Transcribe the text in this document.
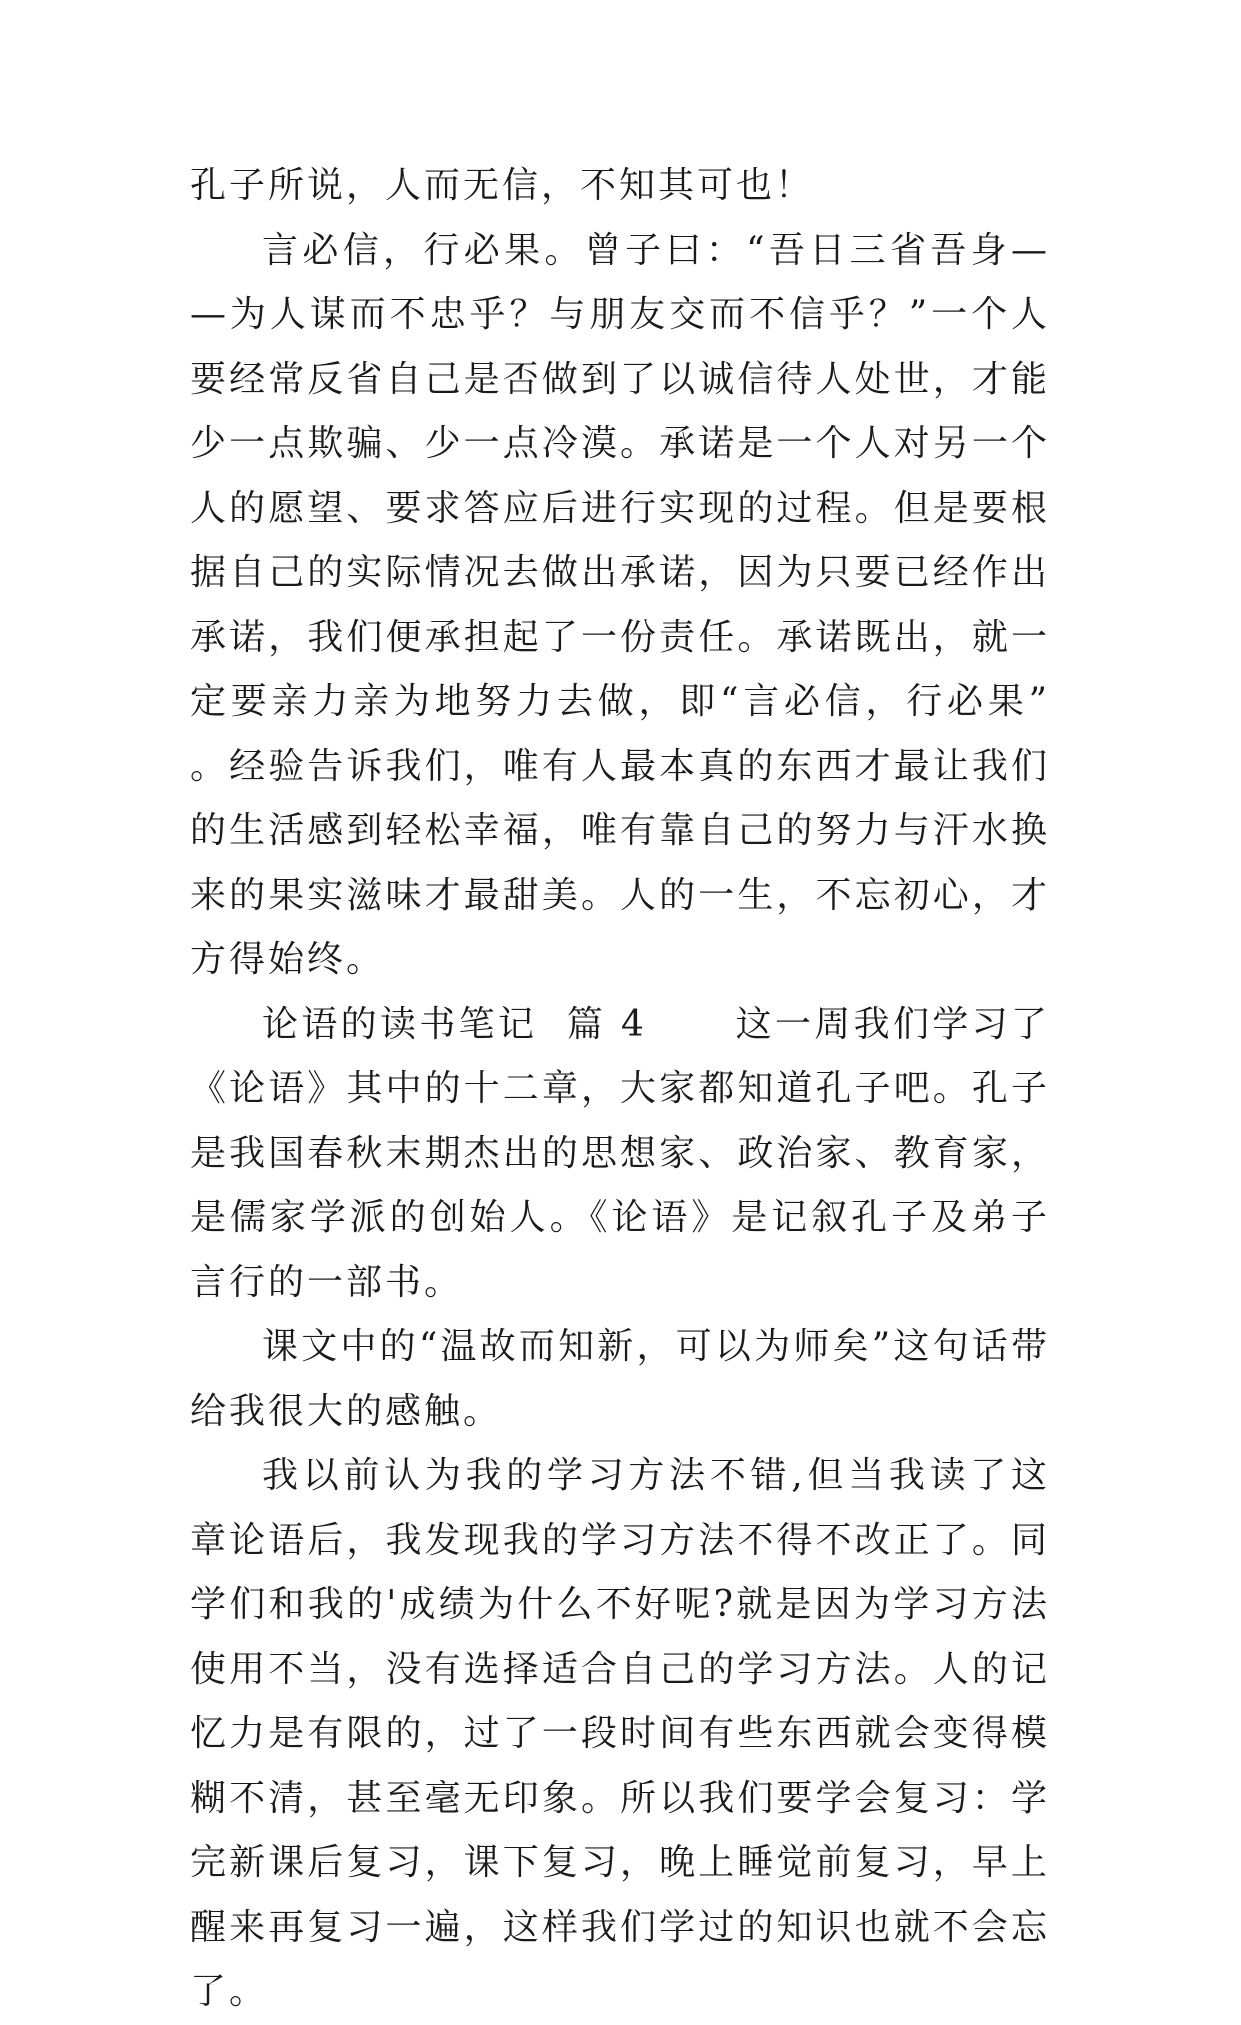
孔子所说，人而无信，不知其可也！

言必信，行必果。曾子曰：“吾日三省吾身——为人谋而不忠乎？与朋友交而不信乎？”一个人要经常反省自己是否做到了以诚信待人处世，才能少一点欺骗、少一点冷漠。承诺是一个人对另一个人的愿望、要求答应后进行实现的过程。但是要根据自己的实际情况去做出承诺，因为只要已经作出承诺，我们便承担起了一份责任。承诺既出，就一定要亲力亲为地努力去做，即“言必信，行必果”。经验告诉我们，唯有人最本真的东西才最让我们的生活感到轻松幸福，唯有靠自己的努力与汗水换来的果实滋味才最甜美。人的一生，不忘初心，才方得始终。

论语的读书笔记  篇 4      这一周我们学习了《论语》其中的十二章，大家都知道孔子吧。孔子是我国春秋末期杰出的思想家、政治家、教育家，是儒家学派的创始人。《论语》是记叙孔子及弟子言行的一部书。

课文中的“温故而知新，可以为师矣”这句话带给我很大的感触。

我以前认为我的学习方法不错,但当我读了这章论语后，我发现我的学习方法不得不改正了。同学们和我的'成绩为什么不好呢?就是因为学习方法使用不当，没有选择适合自己的学习方法。人的记忆力是有限的，过了一段时间有些东西就会变得模糊不清，甚至毫无印象。所以我们要学会复习：学完新课后复习，课下复习，晚上睡觉前复习，早上醒来再复习一遍，这样我们学过的知识也就不会忘了。
